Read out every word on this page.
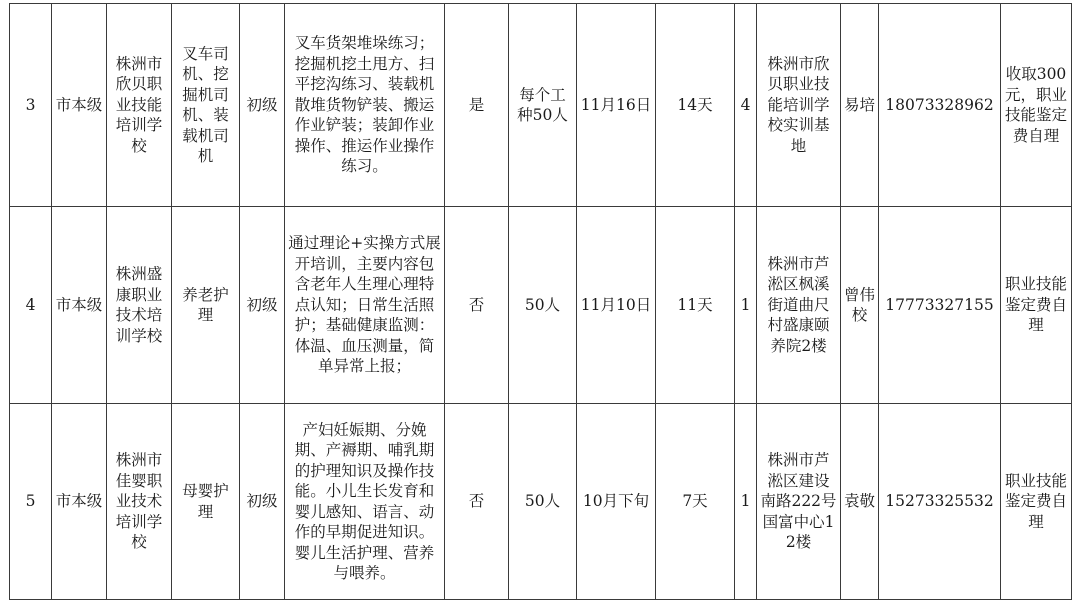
3	市本级	株洲市欣贝职业技能培训学校	叉车司机、挖掘机司机、装载机司机	初级	叉车货架堆垛练习；挖掘机挖土甩方、扫平挖沟练习、装载机散堆货物铲装、搬运作业铲装；装卸作业操作、推运作业操作练习。	是	每个工种50人	11月16日	14天	4	株洲市欣贝职业技能培训学校实训基地	易培	18073328962	收取300元，职业技能鉴定费自理
4	市本级	株洲盛康职业技术培训学校	养老护理	初级	通过理论+实操方式展开培训，主要内容包含老年人生理心理特点认知；日常生活照护；基础健康监测：体温、血压测量，简单异常上报；	否	50人	11月10日	11天	1	株洲市芦淞区枫溪街道曲尺村盛康颐养院2楼	曾伟校	17773327155	职业技能鉴定费自理
5	市本级	株洲市佳婴职业技术培训学校	母婴护理	初级	产妇妊娠期、分娩期、产褥期、哺乳期的护理知识及操作技能。小儿生长发育和婴儿感知、语言、动作的早期促进知识。婴儿生活护理、营养与喂养。	否	50人	10月下旬	7天	1	株洲市芦淞区建设南路222号国富中心12楼	袁敬	15273325532	职业技能鉴定费自理
